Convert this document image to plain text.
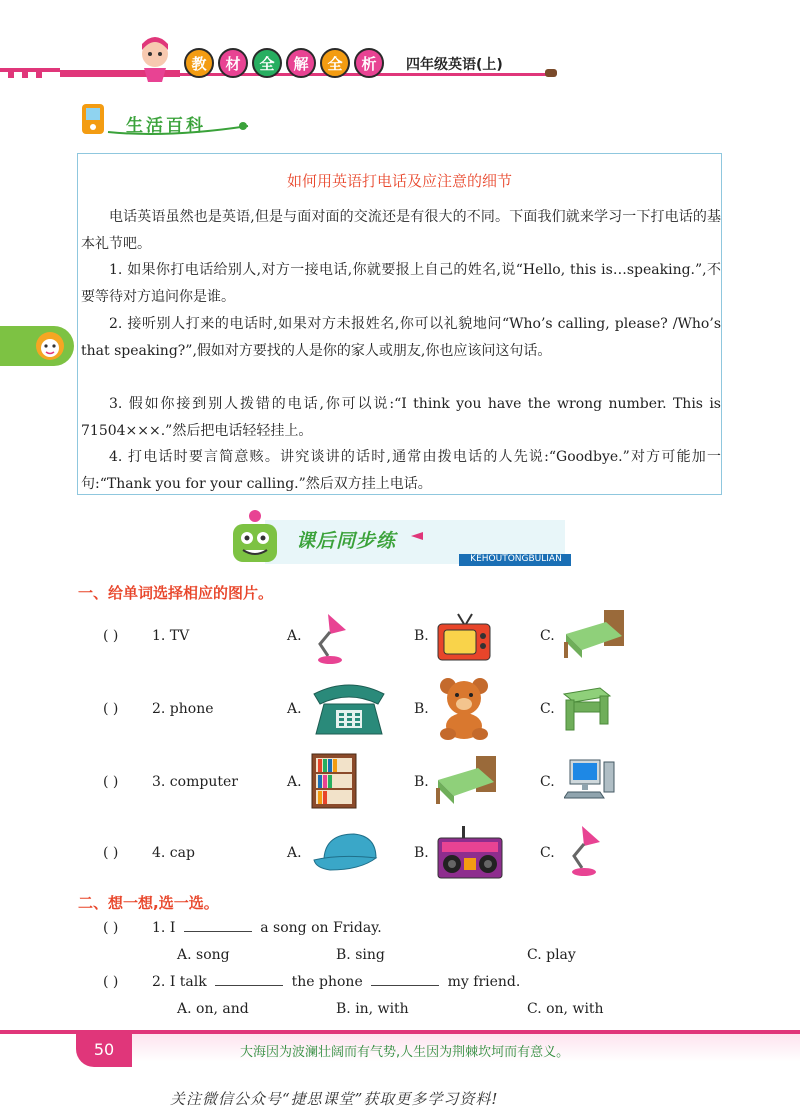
教	材	全	解	全	析	四年级英语(上)
生活百科
如何用英语打电话及应注意的细节
电话英语虽然也是英语,但是与面对面的交流还是有很大的不同。下面我们就来学习一下打电话的基本礼节吧。
1. 如果你打电话给别人,对方一接电话,你就要报上自己的姓名,说“Hello, this is…speaking.”,不要等待对方追问你是谁。
2. 接听别人打来的电话时,如果对方未报姓名,你可以礼貌地问“Who’s calling, please? /Who’s that speaking?”,假如对方要找的人是你的家人或朋友,你也应该问这句话。
3. 假如你接到别人拨错的电话,你可以说:“I think you have the wrong number. This is 71504×××.”然后把电话轻轻挂上。
4. 打电话时要言简意赅。讲究谈讲的话时,通常由拨电话的人先说:“Goodbye.”对方可能加一句:“Thank you for your calling.”然后双方挂上电话。
课后同步练
KEHOUTONGBULIAN
一、给单词选择相应的图片。
( ) 1. TV	A.	B.	C.
( ) 2. phone	A.	B.	C.
( ) 3. computer	A.	B.	C.
( ) 4. cap	A.	B.	C.
二、想一想,选一选。
( ) 1. I	a song on Friday.
A. song	B. sing	C. play
( ) 2. I talk	the phone	my friend.
A. on, and	B. in, with	C. on, with
50	大海因为波澜壮阔而有气势,人生因为荆棘坎坷而有意义。
关注微信公众号“捷思课堂”获取更多学习资料!
